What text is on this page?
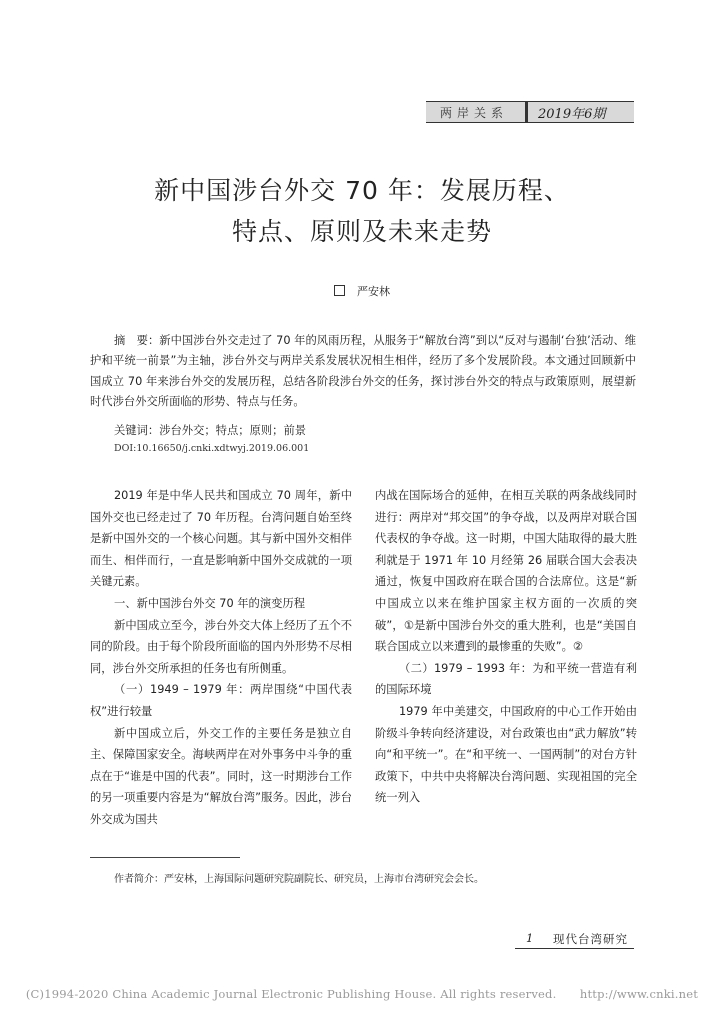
两岸关系 2019年6期
新中国涉台外交 70 年：发展历程、
特点、原则及未来走势
严安林

摘　要：新中国涉台外交走过了 70 年的风雨历程，从服务于“解放台湾”到以“反对与遏制‘台独’活动、维护和平统一前景”为主轴，涉台外交与两岸关系发展状况相生相伴，经历了多个发展阶段。本文通过回顾新中国成立 70 年来涉台外交的发展历程，总结各阶段涉台外交的任务，探讨涉台外交的特点与政策原则，展望新时代涉台外交所面临的形势、特点与任务。

关键词：涉台外交；特点；原则；前景
DOI:10.16650/j.cnki.xdtwyj.2019.06.001

2019 年是中华人民共和国成立 70 周年，新中国外交也已经走过了 70 年历程。台湾问题自始至终是新中国外交的一个核心问题。其与新中国外交相伴而生、相伴而行，一直是影响新中国外交成就的一项关键元素。

一、新中国涉台外交 70 年的演变历程

新中国成立至今，涉台外交大体上经历了五个不同的阶段。由于每个阶段所面临的国内外形势不尽相同，涉台外交所承担的任务也有所侧重。

（一）1949 – 1979 年：两岸围绕“中国代表权”进行较量

新中国成立后，外交工作的主要任务是独立自主、保障国家安全。海峡两岸在对外事务中斗争的重点在于“谁是中国的代表”。同时，这一时期涉台工作的另一项重要内容是为“解放台湾”服务。因此，涉台外交成为国共

内战在国际场合的延伸，在相互关联的两条战线同时进行：两岸对“邦交国”的争夺战，以及两岸对联合国代表权的争夺战。这一时期，中国大陆取得的最大胜利就是于 1971 年 10 月经第 26 届联合国大会表决通过，恢复中国政府在联合国的合法席位。这是“新中国成立以来在维护国家主权方面的一次质的突破”，①是新中国涉台外交的重大胜利，也是“美国自联合国成立以来遭到的最惨重的失败”。②

（二）1979 – 1993 年：为和平统一营造有利的国际环境

1979 年中美建交，中国政府的中心工作开始由阶级斗争转向经济建设，对台政策也由“武力解放”转向“和平统一”。在“和平统一、一国两制”的对台方针政策下，中共中央将解决台湾问题、实现祖国的完全统一列入

作者简介：严安林，上海国际问题研究院副院长、研究员，上海市台湾研究会会长。
1 现代台湾研究
(C)1994-2020 China Academic Journal Electronic Publishing House. All rights reserved.　　http://www.cnki.net
